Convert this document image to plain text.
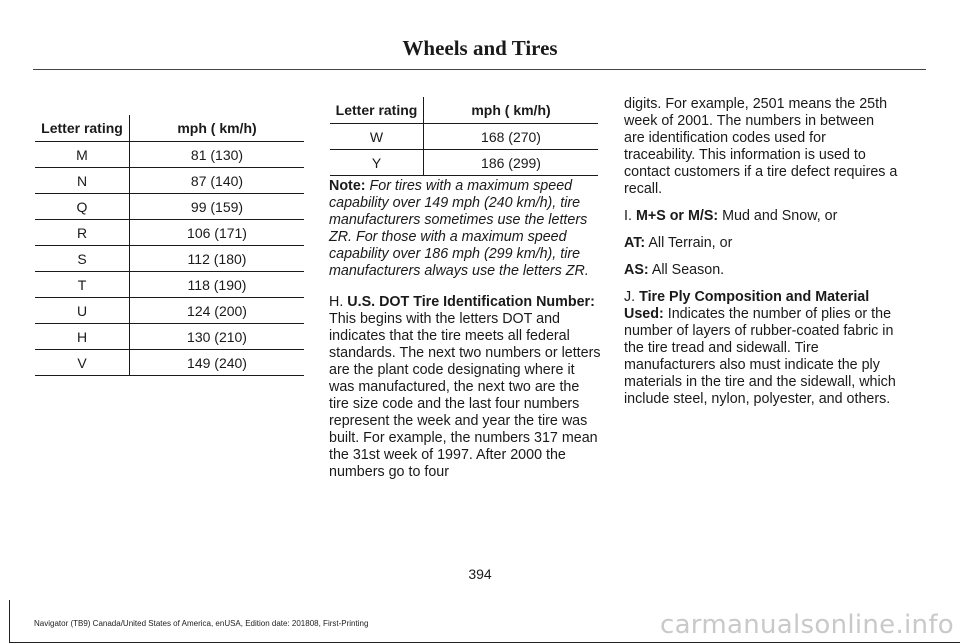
Wheels and Tires
Letter rating	mph ( km/h)
M	81 (130)
N	87 (140)
Q	99 (159)
R	106 (171)
S	112 (180)
T	118 (190)
U	124 (200)
H	130 (210)
V	149 (240)
Letter rating	mph ( km/h)
W	168 (270)
Y	186 (299)

Note: For tires with a maximum speed capability over 149 mph (240 km/h), tire manufacturers sometimes use the letters ZR. For those with a maximum speed capability over 186 mph (299 km/h), tire manufacturers always use the letters ZR.

H. U.S. DOT Tire Identification Number: This begins with the letters DOT and indicates that the tire meets all federal standards. The next two numbers or letters are the plant code designating where it was manufactured, the next two are the tire size code and the last four numbers represent the week and year the tire was built. For example, the numbers 317 mean the 31st week of 1997. After 2000 the numbers go to four

digits. For example, 2501 means the 25th week of 2001. The numbers in between are identification codes used for traceability. This information is used to contact customers if a tire defect requires a recall.

I. M+S or M/S: Mud and Snow, or

AT: All Terrain, or

AS: All Season.

J. Tire Ply Composition and Material Used: Indicates the number of plies or the number of layers of rubber-coated fabric in the tire tread and sidewall. Tire manufacturers also must indicate the ply materials in the tire and the sidewall, which include steel, nylon, polyester, and others.

394
Navigator (TB9) Canada/United States of America, enUSA, Edition date: 201808, First-Printing	carmanualsonline.info
